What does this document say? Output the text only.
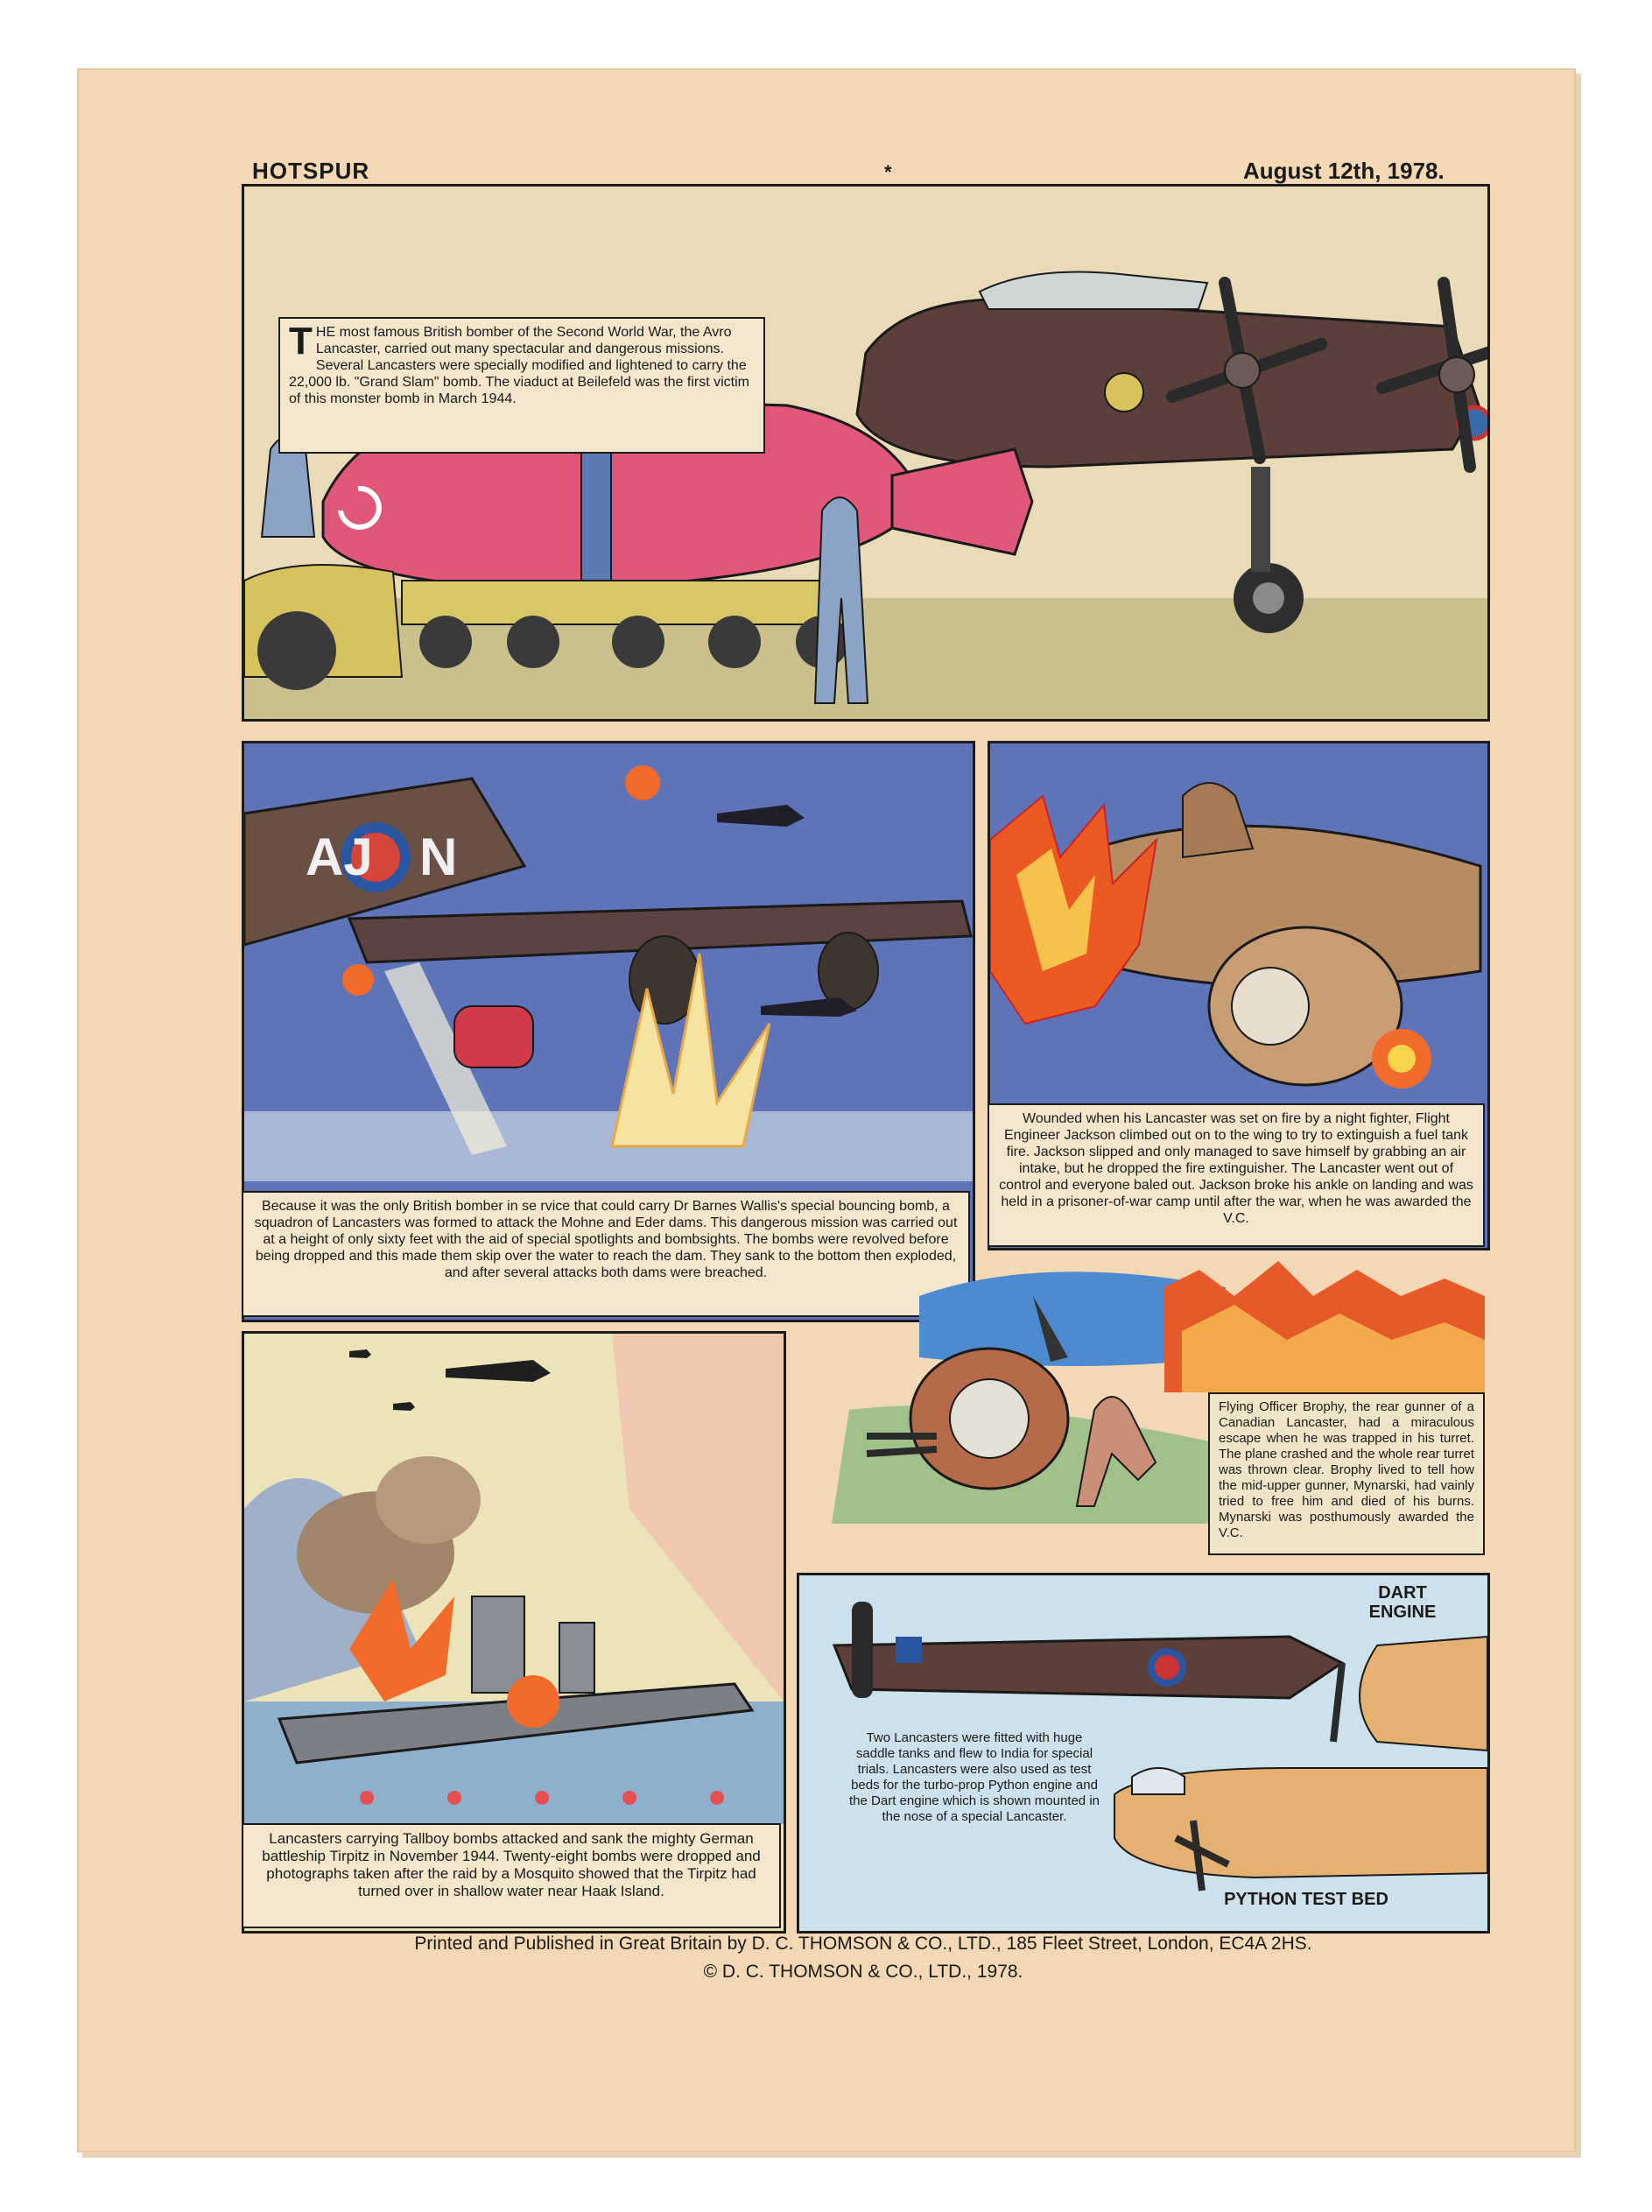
HOTSPUR	*	August 12th, 1978.
T HE most famous British bomber of the Second World War, the Avro Lancaster, carried out many spectacular and dangerous missions. Several Lancasters were specially modified and lightened to carry the 22,000 lb. "Grand Slam" bomb. The viaduct at Beilefeld was the first victim of this monster bomb in March 1944.
AJ N
Because it was the only British bomber in se rvice that could carry Dr Barnes Wallis's special bouncing bomb, a squadron of Lancasters was formed to attack the Mohne and Eder dams. This dangerous mission was carried out at a height of only sixty feet with the aid of special spotlights and bombsights. The bombs were revolved before being dropped and this made them skip over the water to reach the dam. They sank to the bottom then exploded, and after several attacks both dams were breached.
Wounded when his Lancaster was set on fire by a night fighter, Flight Engineer Jackson climbed out on to the wing to try to extinguish a fuel tank fire. Jackson slipped and only managed to save himself by grabbing an air intake, but he dropped the fire extinguisher. The Lancaster went out of control and everyone baled out. Jackson broke his ankle on landing and was held in a prisoner-of-war camp until after the war, when he was awarded the V.C.
Flying Officer Brophy, the rear gunner of a Canadian Lancaster, had a miraculous escape when he was trapped in his turret. The plane crashed and the whole rear turret was thrown clear. Brophy lived to tell how the mid-upper gunner, Mynarski, had vainly tried to free him and died of his burns. Mynarski was posthumously awarded the V.C.
Lancasters carrying Tallboy bombs attacked and sank the mighty German battleship Tirpitz in November 1944. Twenty-eight bombs were dropped and photographs taken after the raid by a Mosquito showed that the Tirpitz had turned over in shallow water near Haak Island.
DART ENGINE
PYTHON TEST BED
Two Lancasters were fitted with huge saddle tanks and flew to India for special trials. Lancasters were also used as test beds for the turbo-prop Python engine and the Dart engine which is shown mounted in the nose of a special Lancaster.
Printed and Published in Great Britain by D. C. THOMSON & CO., LTD., 185 Fleet Street, London, EC4A 2HS.
© D. C. THOMSON & CO., LTD., 1978.
